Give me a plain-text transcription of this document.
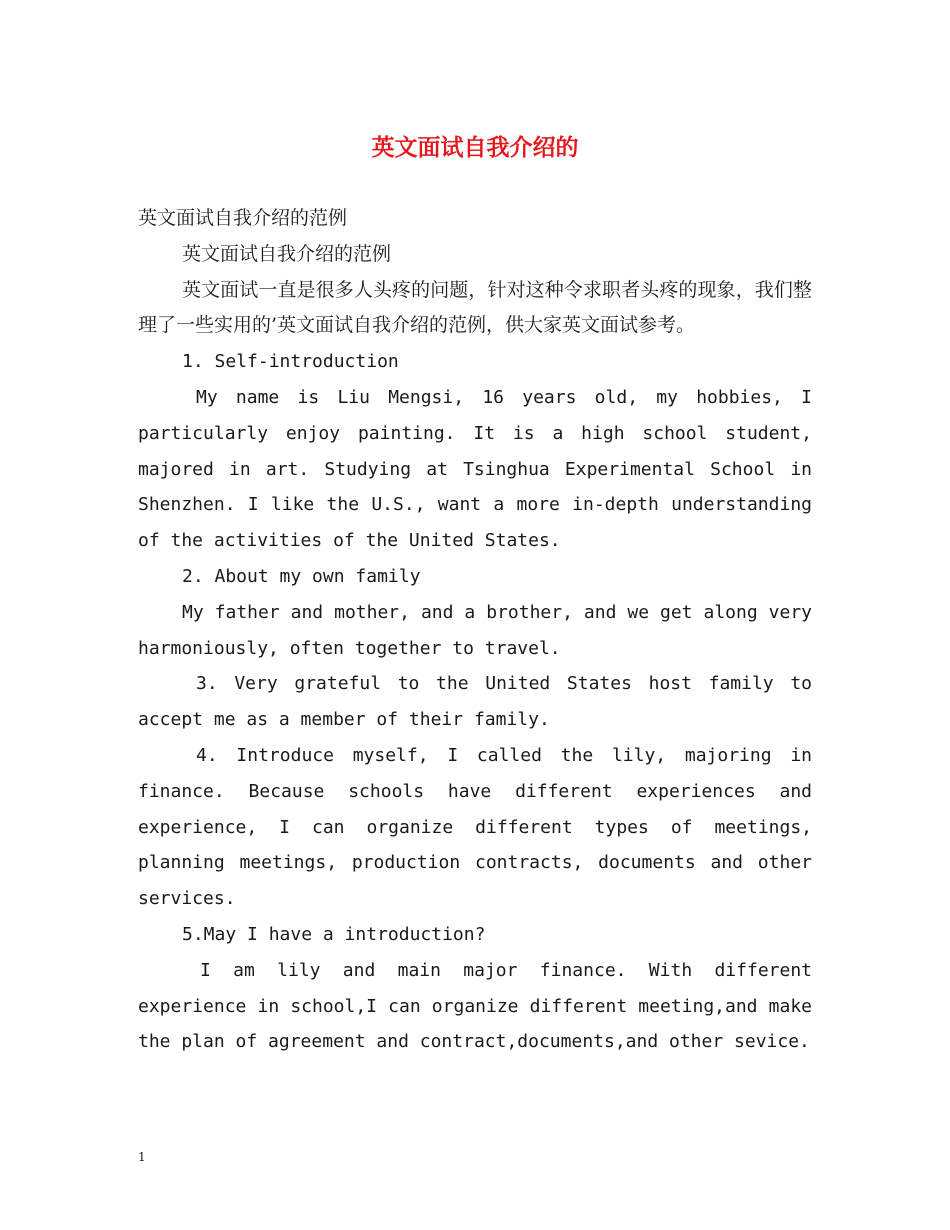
英文面试自我介绍的

英文面试自我介绍的范例

英文面试自我介绍的范例

英文面试一直是很多人头疼的问题，针对这种令求职者头疼的现象，我们整理了一些实用的’英文面试自我介绍的范例，供大家英文面试参考。

1. Self-introduction

My name is Liu Mengsi, 16 years old, my hobbies, I particularly enjoy painting. It is a high school student, majored in art. Studying at Tsinghua Experimental School in Shenzhen. I like the U.S., want a more in-depth understanding of the activities of the United States.

2. About my own family

My father and mother, and a brother, and we get along very harmoniously, often together to travel.

3. Very grateful to the United States host family to accept me as a member of their family.

4. Introduce myself, I called the lily, majoring in finance. Because schools have different experiences and experience, I can organize different types of meetings, planning meetings, production contracts, documents and other services.

5.May I have a introduction?

I am lily and main major finance. With different experience in school,I can organize different meeting,and make the plan of agreement and contract,documents,and other sevice.

1
